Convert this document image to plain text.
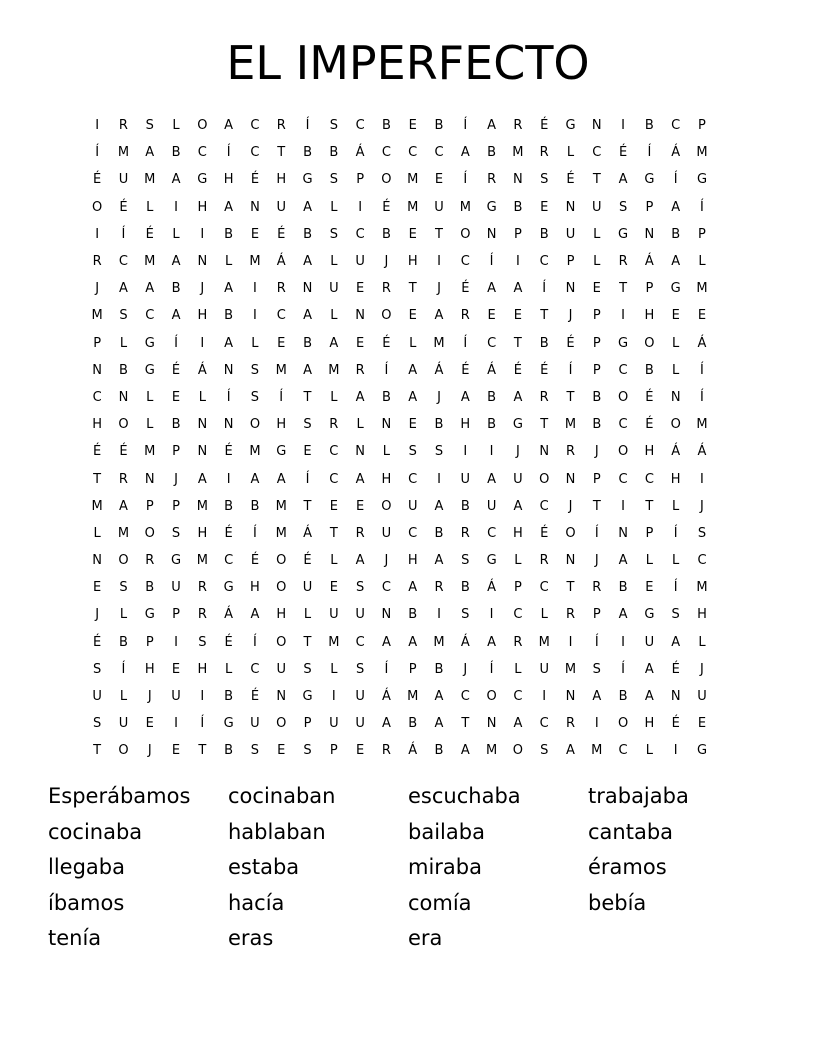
EL IMPERFECTO
I	R	S	L	O	A	C	R	Í	S	C	B	E	B	Í	A	R	É	G	N	I	B	C	P
Í	M	A	B	C	Í	C	T	B	B	Á	C	C	C	A	B	M	R	L	C	É	Í	Á	M
É	U	M	A	G	H	É	H	G	S	P	O	M	E	Í	R	N	S	É	T	A	G	Í	G
O	É	L	I	H	A	N	U	A	L	I	É	M	U	M	G	B	E	N	U	S	P	A	Í
I	Í	É	L	I	B	E	É	B	S	C	B	E	T	O	N	P	B	U	L	G	N	B	P
R	C	M	A	N	L	M	Á	A	L	U	J	H	I	C	Í	I	C	P	L	R	Á	A	L
J	A	A	B	J	A	I	R	N	U	E	R	T	J	É	A	A	Í	N	E	T	P	G	M
M	S	C	A	H	B	I	C	A	L	N	O	E	A	R	E	E	T	J	P	I	H	E	E
P	L	G	Í	I	A	L	E	B	A	E	É	L	M	Í	C	T	B	É	P	G	O	L	Á
N	B	G	É	Á	N	S	M	A	M	R	Í	A	Á	É	Á	É	É	Í	P	C	B	L	Í
C	N	L	E	L	Í	S	Í	T	L	A	B	A	J	A	B	A	R	T	B	O	É	N	Í
H	O	L	B	N	N	O	H	S	R	L	N	E	B	H	B	G	T	M	B	C	É	O	M
É	É	M	P	N	É	M	G	E	C	N	L	S	S	I	I	J	N	R	J	O	H	Á	Á
T	R	N	J	A	I	A	A	Í	C	A	H	C	I	U	A	U	O	N	P	C	C	H	I
M	A	P	P	M	B	B	M	T	E	E	O	U	A	B	U	A	C	J	T	I	T	L	J
L	M	O	S	H	É	Í	M	Á	T	R	U	C	B	R	C	H	É	O	Í	N	P	Í	S
N	O	R	G	M	C	É	O	É	L	A	J	H	A	S	G	L	R	N	J	A	L	L	C
E	S	B	U	R	G	H	O	U	E	S	C	A	R	B	Á	P	C	T	R	B	E	Í	M
J	L	G	P	R	Á	A	H	L	U	U	N	B	I	S	I	C	L	R	P	A	G	S	H
É	B	P	I	S	É	Í	O	T	M	C	A	A	M	Á	A	R	M	I	Í	I	U	A	L
S	Í	H	E	H	L	C	U	S	L	S	Í	P	B	J	Í	L	U	M	S	Í	A	É	J
U	L	J	U	I	B	É	N	G	I	U	Á	M	A	C	O	C	I	N	A	B	A	N	U
S	U	E	I	Í	G	U	O	P	U	U	A	B	A	T	N	A	C	R	I	O	H	É	E
T	O	J	E	T	B	S	E	S	P	E	R	Á	B	A	M	O	S	A	M	C	L	I	G
Esperábamos	cocinaban	escuchaba	trabajaba
cocinaba	hablaban	bailaba	cantaba
llegaba	estaba	miraba	éramos
íbamos	hacía	comía	bebía
tenía	eras	era
